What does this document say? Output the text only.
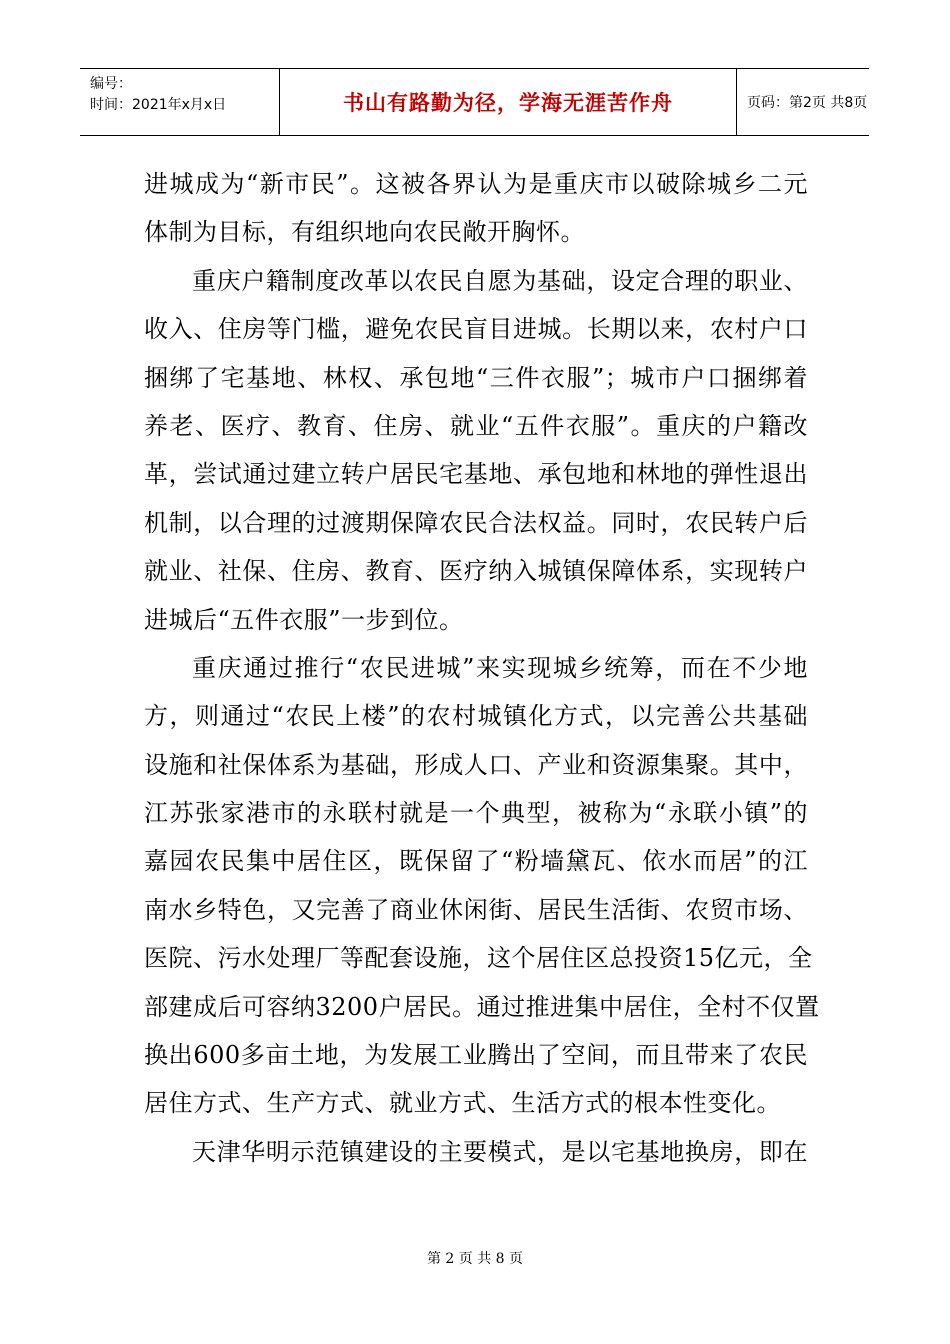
编号：
时间：2021年x月x日	书山有路勤为径，学海无涯苦作舟	页码：第2页 共8页
进城成为“新市民”。这被各界认为是重庆市以破除城乡二元
体制为目标，有组织地向农民敞开胸怀。
重庆户籍制度改革以农民自愿为基础，设定合理的职业、
收入、住房等门槛，避免农民盲目进城。长期以来，农村户口
捆绑了宅基地、林权、承包地“三件衣服”；城市户口捆绑着
养老、医疗、教育、住房、就业“五件衣服”。重庆的户籍改
革，尝试通过建立转户居民宅基地、承包地和林地的弹性退出
机制，以合理的过渡期保障农民合法权益。同时，农民转户后
就业、社保、住房、教育、医疗纳入城镇保障体系，实现转户
进城后“五件衣服”一步到位。
重庆通过推行“农民进城”来实现城乡统筹，而在不少地
方，则通过“农民上楼”的农村城镇化方式，以完善公共基础
设施和社保体系为基础，形成人口、产业和资源集聚。其中，
江苏张家港市的永联村就是一个典型，被称为“永联小镇”的
嘉园农民集中居住区，既保留了“粉墙黛瓦、依水而居”的江
南水乡特色，又完善了商业休闲街、居民生活街、农贸市场、
医院、污水处理厂等配套设施，这个居住区总投资15亿元，全
部建成后可容纳3200户居民。通过推进集中居住，全村不仅置
换出600多亩土地，为发展工业腾出了空间，而且带来了农民
居住方式、生产方式、就业方式、生活方式的根本性变化。
天津华明示范镇建设的主要模式，是以宅基地换房，即在
第 2 页 共 8 页
